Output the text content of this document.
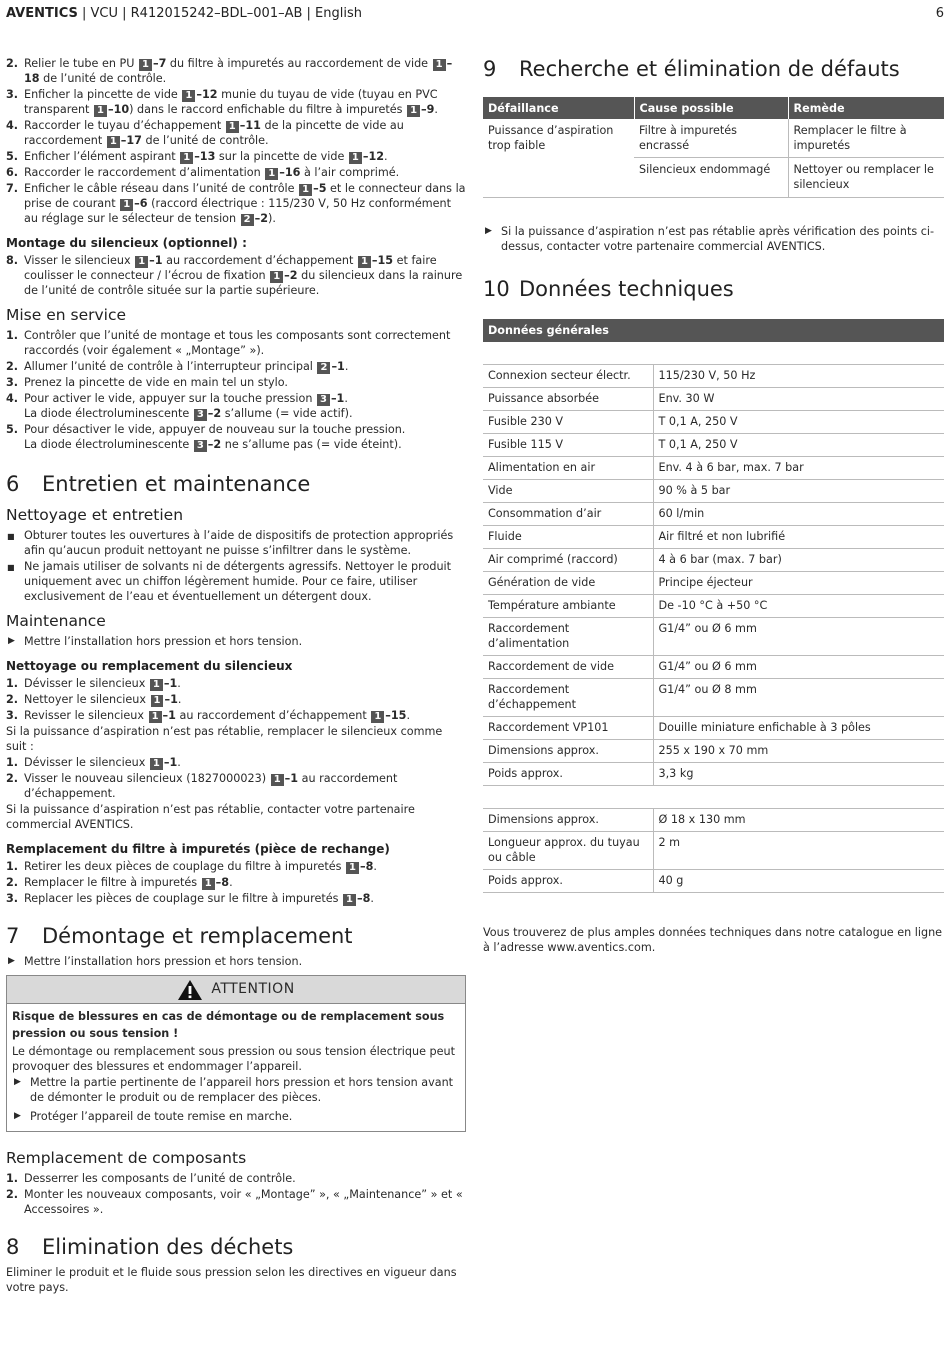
AVENTICS | VCU | R412015242–BDL–001–AB | English	6
2. Relier le tube en PU 1 –7 du filtre à impuretés au raccordement de vide 1 –18 de l’unité de contrôle.
3. Enficher la pincette de vide 1 –12 munie du tuyau de vide (tuyau en PVC transparent 1 –10) dans le raccord enfichable du filtre à impuretés 1 –9.
4. Raccorder le tuyau d’échappement 1 –11 de la pincette de vide au raccordement 1 –17 de l’unité de contrôle.
5. Enficher l’élément aspirant 1 –13 sur la pincette de vide 1 –12.
6. Raccorder le raccordement d’alimentation 1 –16 à l’air comprimé.
7. Enficher le câble réseau dans l’unité de contrôle 1 –5 et le connecteur dans la prise de courant 1 –6 (raccord électrique : 115/230 V, 50 Hz conformément au réglage sur le sélecteur de tension 2 –2).
Montage du silencieux (optionnel) :
8. Visser le silencieux 1 –1 au raccordement d’échappement 1 –15 et faire coulisser le connecteur / l’écrou de fixation 1 –2 du silencieux dans la rainure de l’unité de contrôle située sur la partie supérieure.
Mise en service
1. Contrôler que l’unité de montage et tous les composants sont correctement raccordés (voir également « „Montage” »).
2. Allumer l’unité de contrôle à l’interrupteur principal 2 –1.
3. Prenez la pincette de vide en main tel un stylo.
4. Pour activer le vide, appuyer sur la touche pression 3 –1.
La diode électroluminescente 3 –2 s’allume (= vide actif).
5. Pour désactiver le vide, appuyer de nouveau sur la touche pression.
La diode électroluminescente 3 –2 ne s’allume pas (= vide éteint).
6	Entretien et maintenance
Nettoyage et entretien
■ Obturer toutes les ouvertures à l’aide de dispositifs de protection appropriés afin qu’aucun produit nettoyant ne puisse s’infiltrer dans le système.
■ Ne jamais utiliser de solvants ni de détergents agressifs. Nettoyer le produit uniquement avec un chiffon légèrement humide. Pour ce faire, utiliser exclusivement de l’eau et éventuellement un détergent doux.
Maintenance
▶ Mettre l’installation hors pression et hors tension.
Nettoyage ou remplacement du silencieux
1. Dévisser le silencieux 1 –1.
2. Nettoyer le silencieux 1 –1.
3. Revisser le silencieux 1 –1 au raccordement d’échappement 1 –15.

Si la puissance d’aspiration n’est pas rétablie, remplacer le silencieux comme suit :

1. Dévisser le silencieux 1 –1.
2. Visser le nouveau silencieux (1827000023) 1 –1 au raccordement d’échappement.

Si la puissance d’aspiration n’est pas rétablie, contacter votre partenaire commercial AVENTICS.

Remplacement du filtre à impuretés (pièce de rechange)
1. Retirer les deux pièces de couplage du filtre à impuretés 1 –8.
2. Remplacer le filtre à impuretés 1 –8.
3. Replacer les pièces de couplage sur le filtre à impuretés 1 –8.
7	Démontage et remplacement
▶ Mettre l’installation hors pression et hors tension.
ATTENTION

Risque de blessures en cas de démontage ou de remplacement sous pression ou sous tension !

Le démontage ou remplacement sous pression ou sous tension électrique peut provoquer des blessures et endommager l’appareil.

▶ Mettre la partie pertinente de l’appareil hors pression et hors tension avant de démonter le produit ou de remplacer des pièces.
▶ Protéger l’appareil de toute remise en marche.
Remplacement de composants
1. Desserrer les composants de l’unité de contrôle.
2. Monter les nouveaux composants, voir « „Montage” », « „Maintenance” » et « Accessoires ».
8	Elimination des déchets

Eliminer le produit et le fluide sous pression selon les directives en vigueur dans votre pays.

9	Recherche et élimination de défauts
Défaillance	Cause possible	Remède
Puissance d’aspiration trop faible	Filtre à impuretés encrassé	Remplacer le filtre à impuretés
	Silencieux endommagé	Nettoyer ou remplacer le silencieux
▶ Si la puissance d’aspiration n’est pas rétablie après vérification des points ci-dessus, contacter votre partenaire commercial AVENTICS.
10 Données techniques
Données générales
Connexion secteur électr.	115/230 V, 50 Hz
Puissance absorbée	Env. 30 W
Fusible 230 V	T 0,1 A, 250 V
Fusible 115 V	T 0,1 A, 250 V
Alimentation en air	Env. 4 à 6 bar, max. 7 bar
Vide	90 % à 5 bar
Consommation d’air	60 l/min
Fluide	Air filtré et non lubrifié
Air comprimé (raccord)	4 à 6 bar (max. 7 bar)
Génération de vide	Principe éjecteur
Température ambiante	De -10 °C à +50 °C
Raccordement d’alimentation	G1/4” ou Ø 6 mm
Raccordement de vide	G1/4” ou Ø 6 mm
Raccordement d’échappement	G1/4” ou Ø 8 mm
Raccordement VP101	Douille miniature enfichable à 3 pôles
Dimensions approx.	255 x 190 x 70 mm
Poids approx.	3,3 kg
Dimensions approx.	Ø 18 x 130 mm
Longueur approx. du tuyau ou câble	2 m
Poids approx.	40 g

Vous trouverez de plus amples données techniques dans notre catalogue en ligne à l’adresse www.aventics.com.
